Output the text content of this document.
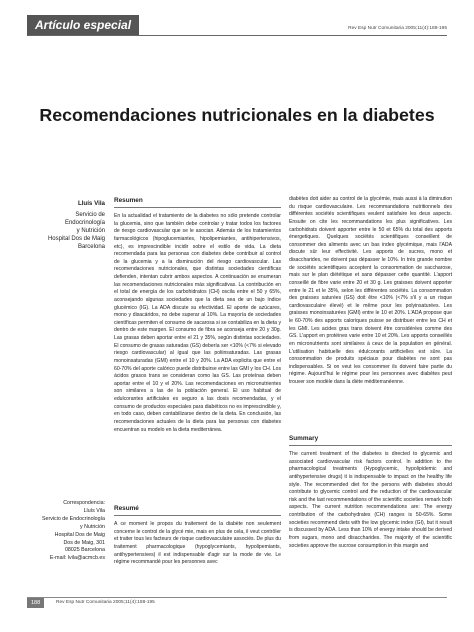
Artículo especial	Rev Esp Nutr Comunitaria 2005;11(4):188-195
Recomendaciones nutricionales en la diabetes
Lluís Vila
Servicio de
Endocrinología
y Nutrición
Hospital Dos de Maig
Barcelona
Correspondencia:
Lluís Vila
Servicio de Endocrinología
y Nutrición
Hospital Dos de Maig
Dos de Maig, 301
08025 Barcelona
E-mail: lvila@acmcb.es
Resumen

En la actualidad el tratamiento de la diabetes no sólo pretende controlar la glucemia, sino que también debe controlar y tratar todos los factores de riesgo cardiovascular que se le asocian. Además de los tratamientos farmacológicos (hipoglucemiantes, hipolipemiantes, antihipertensivos, etc), es imprescindible incidir sobre el estilo de vida. La dieta recomendada para las personas con diabetes debe contribuir al control de la glucemia y a la disminución del riesgo cardiovascular. Las recomendaciones nutricionales, que distintas sociedades científicas defienden, intentan cubrir ambos aspectos. A continuación se enumeran las recomendaciones nutricionales más significativas. La contribución en el total de energía de los carbohidratos (CH) oscila entre el 50 y 65%, aconsejando algunas sociedades que la dieta sea de un bajo índice glucémico (IG). La ADA discute su efectividad. El aporte de azúcares, mono y disacáridos, no debe superar al 10%. La mayoría de sociedades científicas permiten el consumo de sacarosa si se contabiliza en la dieta y dentro de este margen. El consumo de fibra se aconseja entre 20 y 30g. Las grasas deben aportar entre el 21 y 35%, según distintas sociedades. El consumo de grasas saturadas (GS) debería ser <10% (<7% si elevado riesgo cardiovascular) al igual que las poliinsaturadas. Las grasas monoinsaturadas (GMI) entre el 10 y 20%. La ADA explicita que entre el 60-70% del aporte calórico puede distribuirse entre las GMI y los CH. Los ácidos grasos trans se consideran como las GS. Las proteínas deben aportar entre el 10 y el 20%. Las recomendaciones en micronutrientes son similares a las de la población general. El uso habitual de edulcorantes artificiales es seguro a las dosis recomendadas, y el consumo de productos especiales para diabéticos no es imprescindible y, en todo caso, deben contabilizarse dentro de la dieta. En conclusión, las recomendaciones actuales de la dieta para las personas con diabetes encuentran su modelo en la dieta mediterránea.

Resumé

À ce moment le propos du traitement de la diabète non seulement concerne le control de la glycé mie, mais en plus de cela, il veut contrôler et traiter tous les facteurs de risque cardiovasculaire associés. De plus du traitement pharmacologique (hypoglycemiants, hypolipemiants, antihypertensives) il est indispensable d'agir sur la mode de vie. Le régime recommandé pour les personnes avec

diabètes doit aider au control de la glycémie, mais aussi à la diminution du risque cardiovasculaire. Les recommandations nutritionnels des différentes sociétés scientifiques veulent satisfaire les deux aspects. Ensuite on cite les recommandations les plus significatives. Les carbohidrats doivent apporter entre le 50 et 65% du total des apports énergetiques. Quelques sociétés scientifiques conseillent de consommer des aliments avec un bas index glycémique, mais l'ADA discute sûr leur effectivité. Les apports de sucres, mono et disaccharides, ne doivent pas dépasser le 10%. In très grande nombre de sociétés scientifiques acceptent la consommation de saccharose, mais sur le plan diététique et sans dépasser cette quantité. L'apport conseillé de fibre varie entre 20 et 30 g. Les graisses doivent apporter entre le 21 et le 35%, selon les différentes sociétés. La consommation des graisses saturées (GS) doit être <10% (<7% s'il y a un risque cardiovasculaire élevé) et le même pour les polyinsaturées. Les graisses monoinsaturées (GMI) entre le 10 et 20%. L'ADA propose que le 60-70% des apports caloriques puisse se distribuer entre les CH et les GMI. Les acides gras trans doivent être considérées comme des GS. L'apport en protéines varie entre 10 et 20%. Les apports conseillés en micronutrients sont similaires à ceux de la population en général. L'utilisation habituelle des édulcorants artificielles est sûre. La consommation de produits spéciaux pour diabètes ne sont pas indispensables. Si on veut les consommer ils doivent faire partie du régime. Aujourd'hui le régime pour les personnes avec diabètes peut trouver son modèle dans la diète méditerranéenne.

Summary

The current treatment of the diabetes is directed to glycemic and associated cardiovascular risk factors control. In addition to the pharmacological treatments (Hypoglycemic, hypolipidemic and antihypertensive drugs) it is indispensable to impact on the healthy life style. The recommended diet for the persons with diabetes should contribute to glycemic control and the reduction of the cardiovascular risk and the last recommendations of the scientific societies remark both aspects. The current nutrition recommendations are: The energy contribution of the carbohydrates (CH) ranges is 50-65%. Some societies recommend diets with the low glycemic index (GI), but it result is discussed by ADA. Less than 10% of energy intake should be derived from sugars, mono and disaccharides. The majority of the scientific societies approve the sucrose consumption in this margin and

188	Rev Esp Nutr Comunitaria 2005;11(4):188-195
